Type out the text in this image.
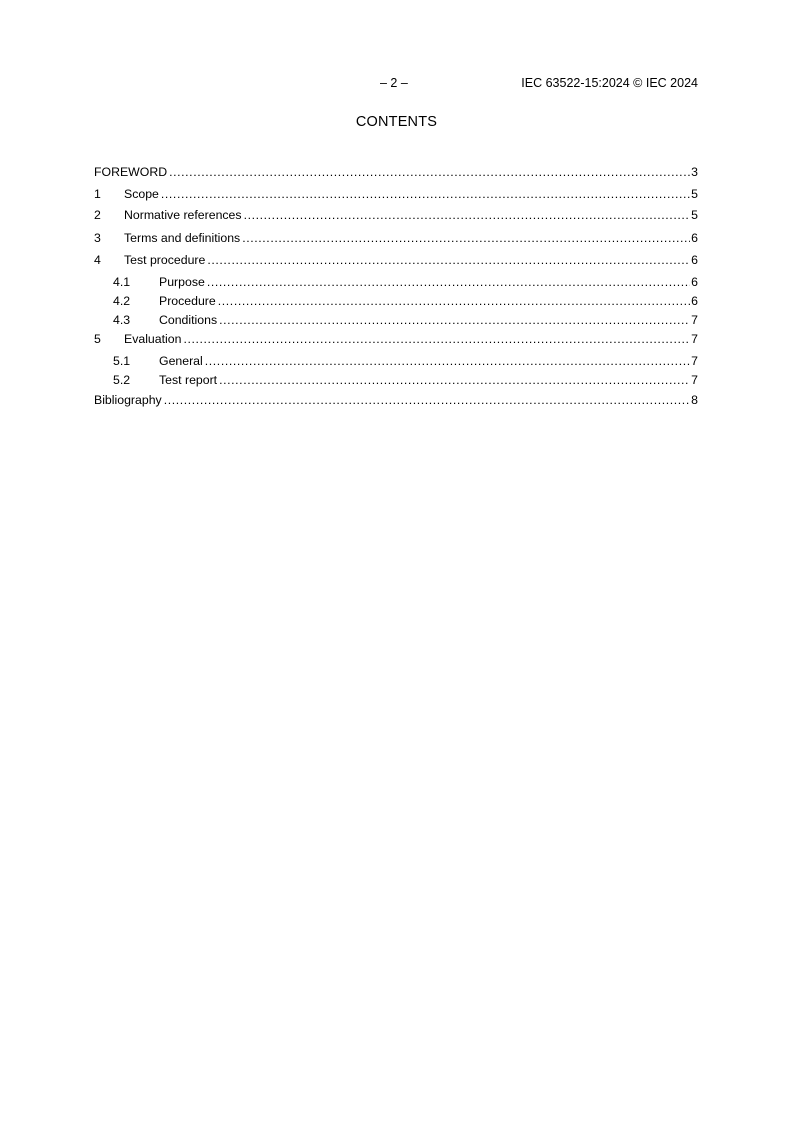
– 2 –	IEC 63522-15:2024 © IEC 2024
CONTENTS
FOREWORD .....	3
1	Scope .....	5
2	Normative references .....	5
3	Terms and definitions .....	6
4	Test procedure .....	6
4.1	Purpose .....	6
4.2	Procedure .....	6
4.3	Conditions .....	7
5	Evaluation .....	7
5.1	General .....	7
5.2	Test report .....	7
Bibliography .....	8
